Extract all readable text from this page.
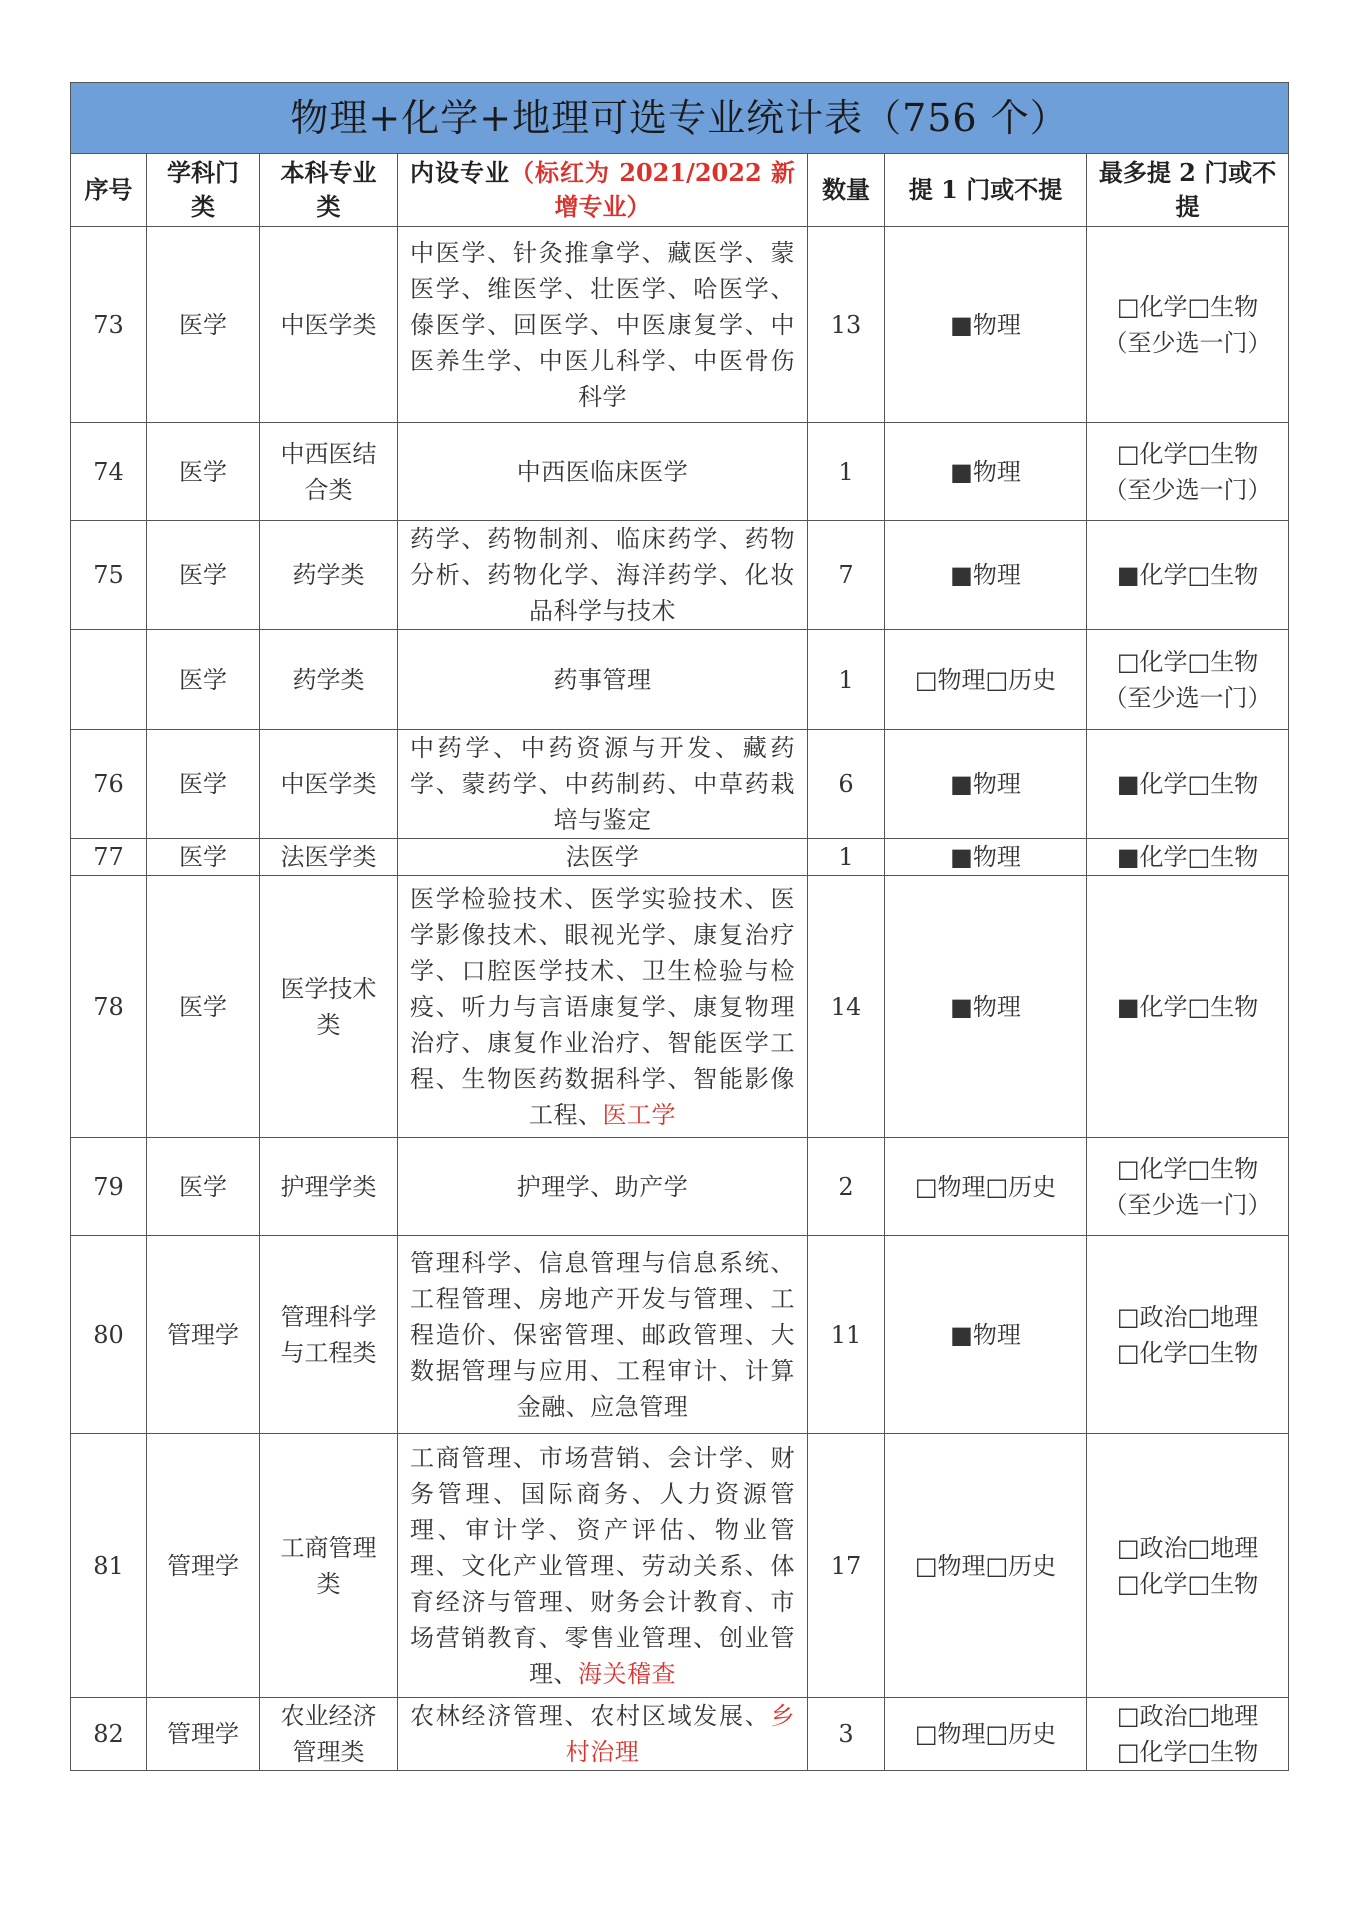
物理+化学+地理可选专业统计表（756 个）						
序号	学科门类	本科专业类	内设专业（标红为 2021/2022 新增专业）	数量	提 1 门或不提	最多提 2 门或不提
73	医学	中医学类	中医学、针灸推拿学、藏医学、蒙医学、维医学、壮医学、哈医学、傣医学、回医学、中医康复学、中医养生学、中医儿科学、中医骨伤科学	13	■物理	□化学□生物
（至少选一门）

74	医学	中西医结合类	中西医临床医学	1	■物理	□化学□生物
（至少选一门）

75	医学	药学类	药学、药物制剂、临床药学、药物分析、药物化学、海洋药学、化妆品科学与技术	7	■物理	■化学□生物

	医学	药学类	药事管理	1	□物理□历史	□化学□生物
（至少选一门）

76	医学	中医学类	中药学、中药资源与开发、藏药学、蒙药学、中药制药、中草药栽培与鉴定	6	■物理	■化学□生物

77	医学	法医学类	法医学	1	■物理	■化学□生物

78	医学	医学技术类	医学检验技术、医学实验技术、医学影像技术、眼视光学、康复治疗学、口腔医学技术、卫生检验与检疫、听力与言语康复学、康复物理治疗、康复作业治疗、智能医学工程、生物医药数据科学、智能影像工程、医工学	14	■物理	■化学□生物

79	医学	护理学类	护理学、助产学	2	□物理□历史	□化学□生物
（至少选一门）

80	管理学	管理科学与工程类	管理科学、信息管理与信息系统、工程管理、房地产开发与管理、工程造价、保密管理、邮政管理、大数据管理与应用、工程审计、计算金融、应急管理	11	■物理	□政治□地理
□化学□生物

81	管理学	工商管理类	工商管理、市场营销、会计学、财务管理、国际商务、人力资源管理、审计学、资产评估、物业管理、文化产业管理、劳动关系、体育经济与管理、财务会计教育、市场营销教育、零售业管理、创业管理、海关稽查	17	□物理□历史	□政治□地理
□化学□生物

82	管理学	农业经济管理类	农林经济管理、农村区域发展、乡村治理	3	□物理□历史	□政治□地理
□化学□生物
